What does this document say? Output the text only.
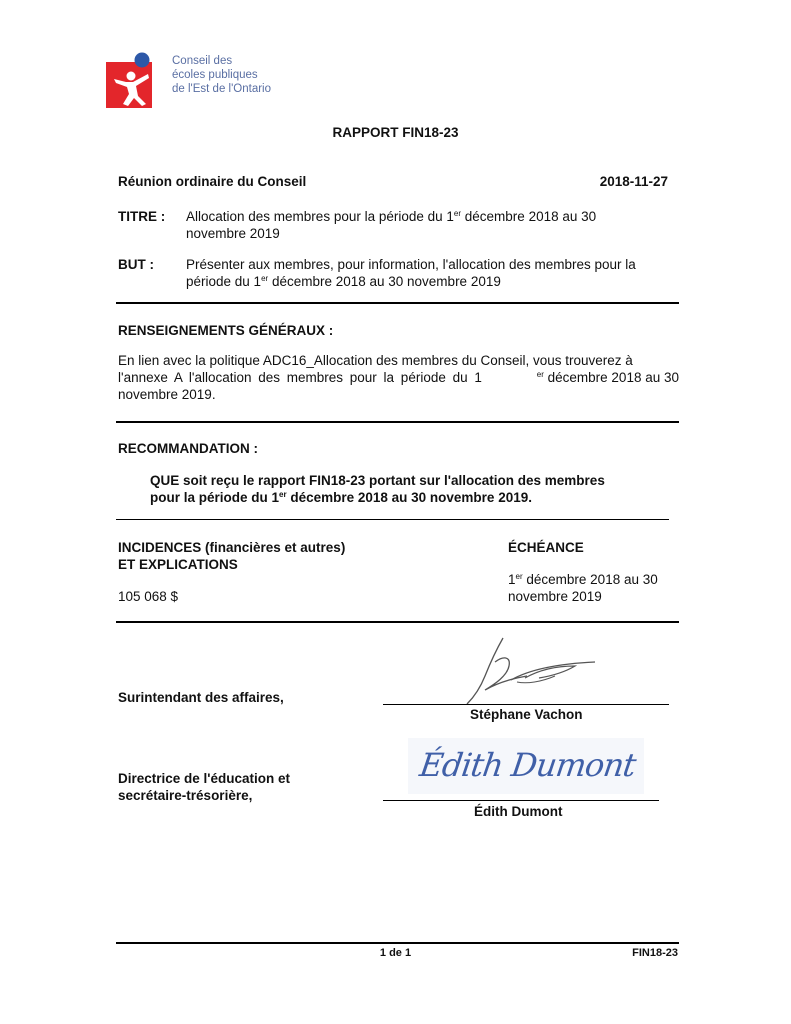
Conseil des
écoles publiques
de l'Est de l'Ontario
RAPPORT FIN18-23
Réunion ordinaire du Conseil	2018-11-27
TITRE : Allocation des membres pour la période du 1er décembre 2018 au 30
novembre 2019
BUT : Présenter aux membres, pour information, l'allocation des membres pour la
période du 1er décembre 2018 au 30 novembre 2019
RENSEIGNEMENTS GÉNÉRAUX :
En lien avec la politique ADC16_Allocation des membres du Conseil, vous trouverez à
l'annexe A l'allocation des membres pour la période du 1	$^{er}$ décembre 2018 au 30
novembre 2019.
RECOMMANDATION :
QUE soit reçu le rapport FIN18-23 portant sur l'allocation des membres
pour la période du 1er décembre 2018 au 30 novembre 2019.
INCIDENCES (financières et autres)
ET EXPLICATIONS
105 068 $
ÉCHÉANCE
1er décembre 2018 au 30
novembre 2019
Surintendant des affaires,
Stéphane Vachon
Directrice de l'éducation et
secrétaire-trésorière,
Édith Dumont
Édith Dumont
1 de 1	FIN18-23
